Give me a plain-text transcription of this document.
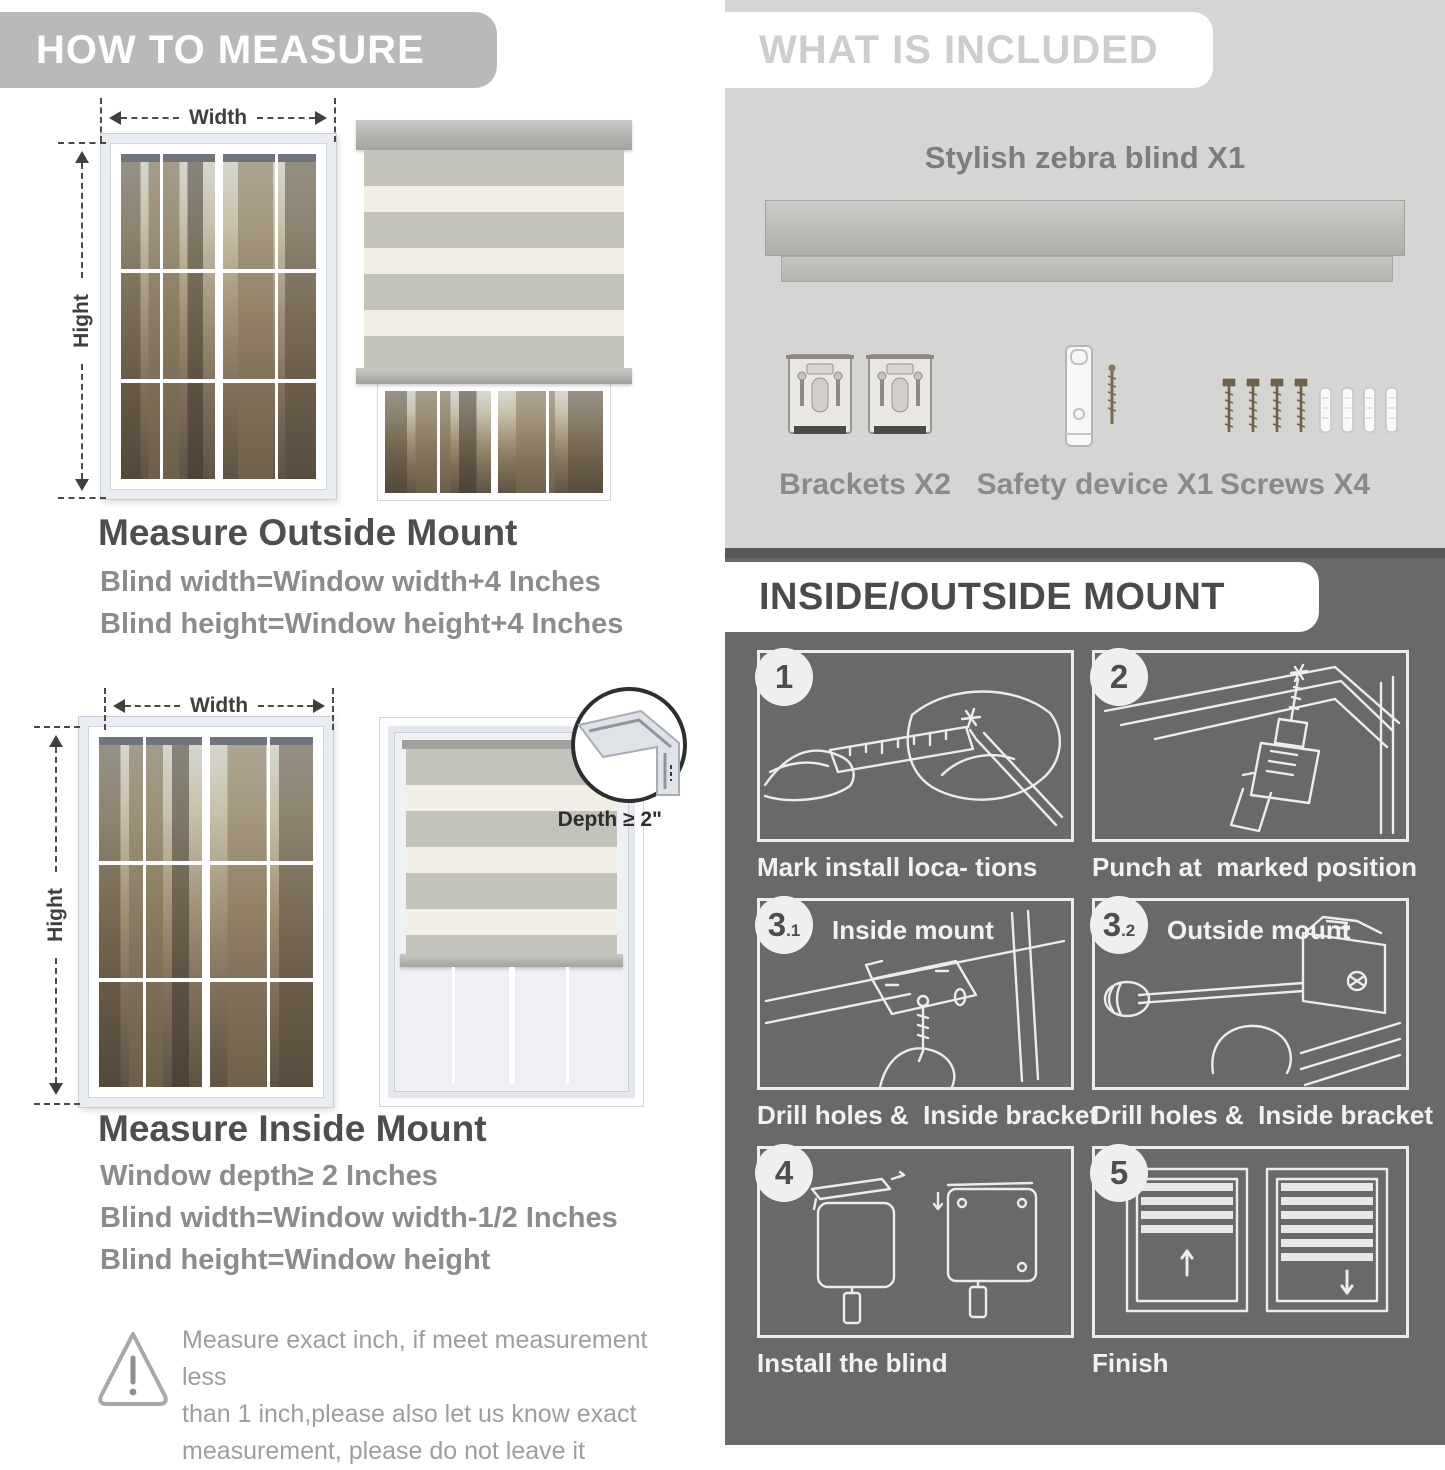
HOW TO MEASURE
Width
Hight
Measure Outside Mount
Blind width=Window width+4 Inches
Blind height=Window height+4 Inches
Width
Hight
Depth ≥ 2"
Measure Inside Mount
Window depth≥ 2 Inches
Blind width=Window width-1/2 Inches
Blind height=Window height
Measure exact inch, if meet measurement less
than 1 inch,please also let us know exact
measurement, please do not leave it
WHAT IS INCLUDED
Stylish zebra blind X1
Brackets X2 Safety device X1 Screws X4
INSIDE/OUTSIDE MOUNT
1
Mark install loca- tions
2
Punch at  marked position
3 .1 Inside mount
Drill holes &  Inside bracket
3 .2 Outside mount
Drill holes &  Inside bracket
4
Install the blind
5
Finish
